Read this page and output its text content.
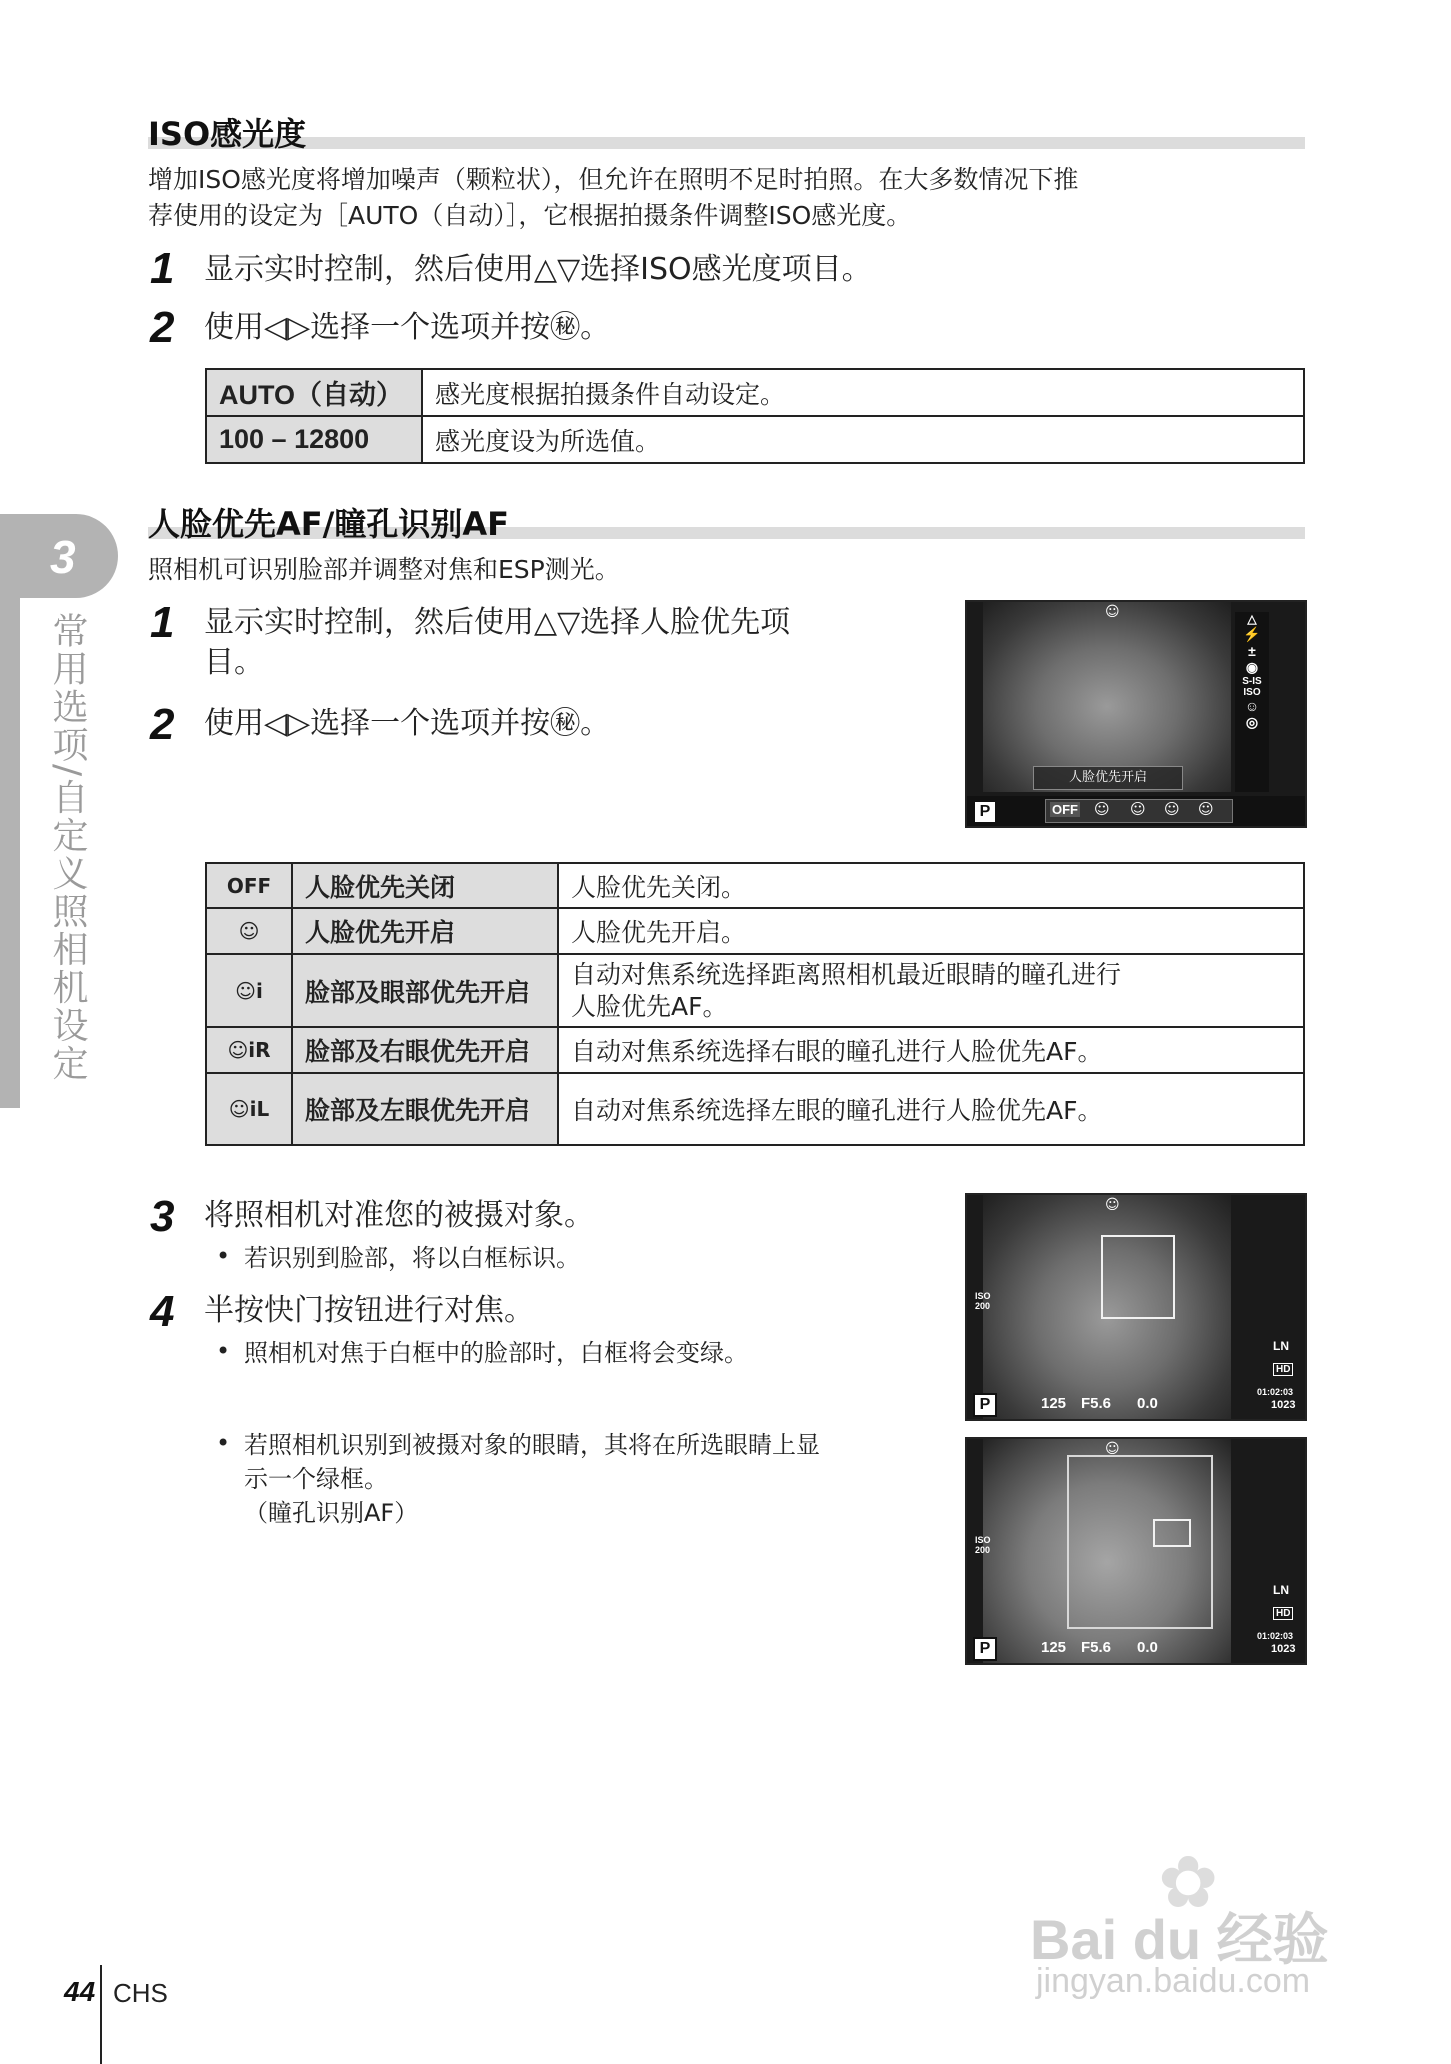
ISO感光度
增加ISO感光度将增加噪声（颗粒状），但允许在照明不足时拍照。在大多数情况下推
荐使用的设定为［AUTO（自动）］，它根据拍摄条件调整ISO感光度。
1 显示实时控制，然后使用△▽选择ISO感光度项目。
2 使用◁▷选择一个选项并按㊙。
AUTO（自动）	感光度根据拍摄条件自动设定。
100 – 12800	感光度设为所选值。
人脸优先AF/瞳孔识别AF
照相机可识别脸部并调整对焦和ESP测光。
1 显示实时控制，然后使用△▽选择人脸优先项
目。
2 使用◁▷选择一个选项并按㊙。
☺	△
⚡
±
◉
S-IS
ISO
☺
◎
人脸优先开启
P	OFF ☺ ☺ ☺ ☺
OFF	人脸优先关闭	人脸优先关闭。
☺	人脸优先开启	人脸优先开启。
☺i	脸部及眼部优先开启	自动对焦系统选择距离照相机最近眼睛的瞳孔进行
人脸优先AF。

☺iR	脸部及右眼优先开启	自动对焦系统选择右眼的瞳孔进行人脸优先AF。
☺iL	脸部及左眼优先开启	自动对焦系统选择左眼的瞳孔进行人脸优先AF。
3 将照相机对准您的被摄对象。
• 若识别到脸部，将以白框标识。
4 半按快门按钮进行对焦。
• 照相机对焦于白框中的脸部时，白框将会变绿。
• 若照相机识别到被摄对象的眼睛，其将在所选眼睛上显
示一个绿框。
（瞳孔识别AF）
☺
ISO
200
LN
HD
01:02:03
1023
P	125 F5.6 0.0
☺
ISO
200
LN
HD
01:02:03
1023
P	125 F5.6 0.0
3
常用选项/自定义照相机设定
44 CHS
✿
Bai du 经验
jingyan.baidu.com
